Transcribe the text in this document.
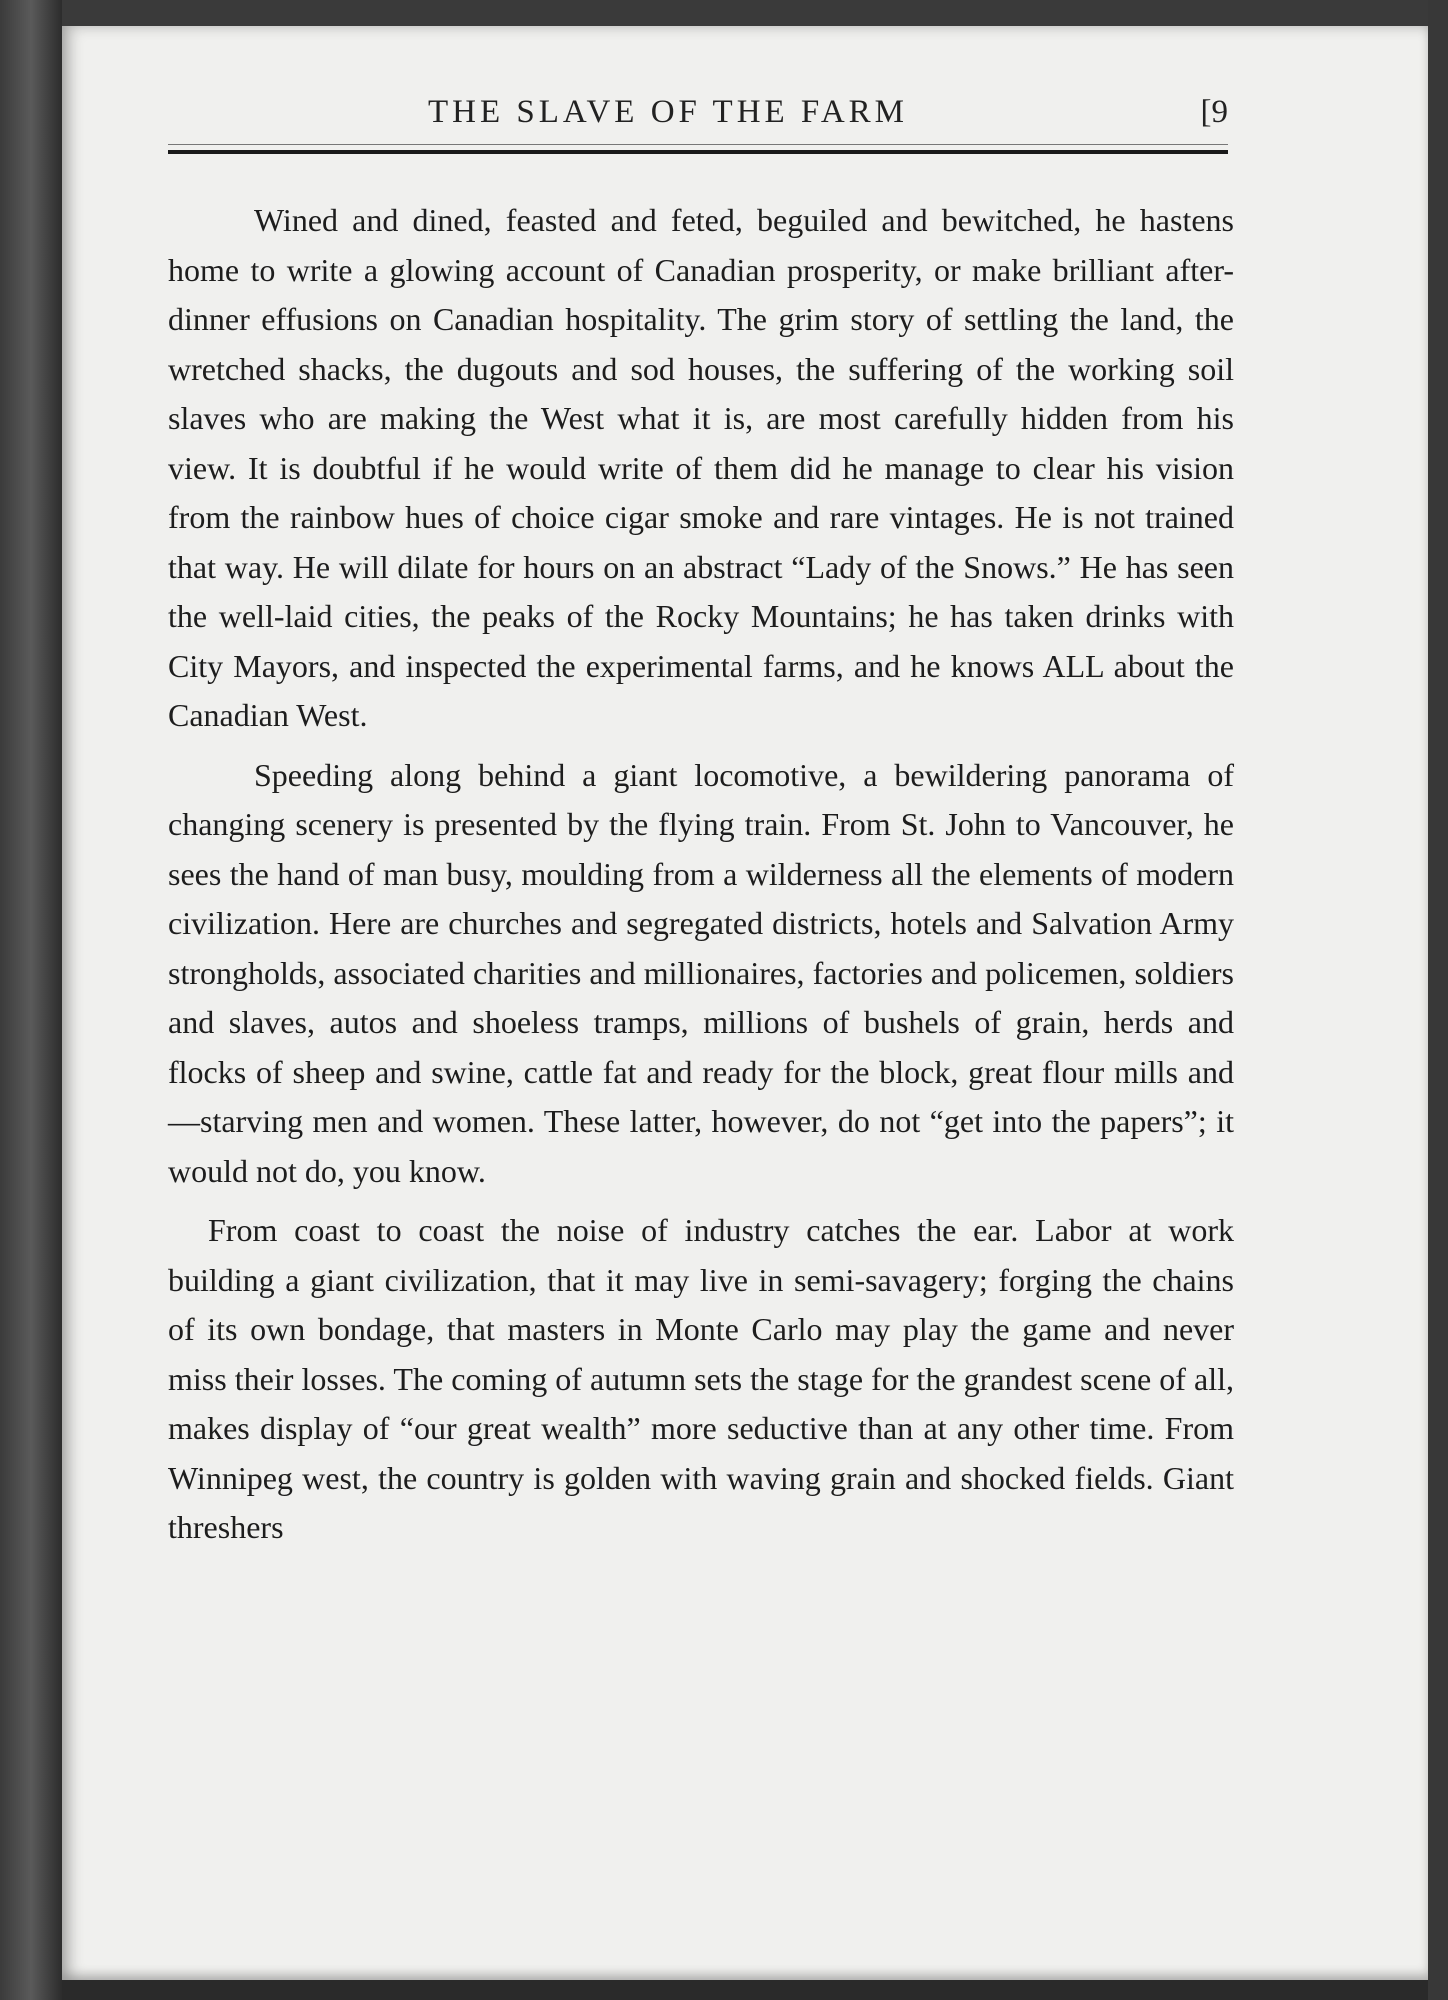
THE SLAVE OF THE FARM	[9

Wined and dined, feasted and feted, beguiled and bewitched, he hastens home to write a glowing account of Canadian prosperity, or make brilliant after-dinner effusions on Canadian hospitality. The grim story of settling the land, the wretched shacks, the dugouts and sod houses, the suffering of the working soil slaves who are making the West what it is, are most carefully hidden from his view. It is doubtful if he would write of them did he manage to clear his vision from the rainbow hues of choice cigar smoke and rare vintages. He is not trained that way. He will dilate for hours on an abstract “Lady of the Snows.” He has seen the well-laid cities, the peaks of the Rocky Mountains; he has taken drinks with City Mayors, and inspected the experimental farms, and he knows ALL about the Canadian West.

Speeding along behind a giant locomotive, a bewildering panorama of changing scenery is presented by the flying train. From St. John to Vancouver, he sees the hand of man busy, moulding from a wilderness all the elements of modern civilization. Here are churches and segregated districts, hotels and Salvation Army strongholds, associated charities and millionaires, factories and policemen, soldiers and slaves, autos and shoeless tramps, millions of bushels of grain, herds and flocks of sheep and swine, cattle fat and ready for the block, great flour mills and—starving men and women. These latter, however, do not “get into the papers”; it would not do, you know.

From coast to coast the noise of industry catches the ear. Labor at work building a giant civilization, that it may live in semi-savagery; forging the chains of its own bondage, that masters in Monte Carlo may play the game and never miss their losses. The coming of autumn sets the stage for the grandest scene of all, makes display of “our great wealth” more seductive than at any other time. From Winnipeg west, the country is golden with waving grain and shocked fields. Giant threshers
